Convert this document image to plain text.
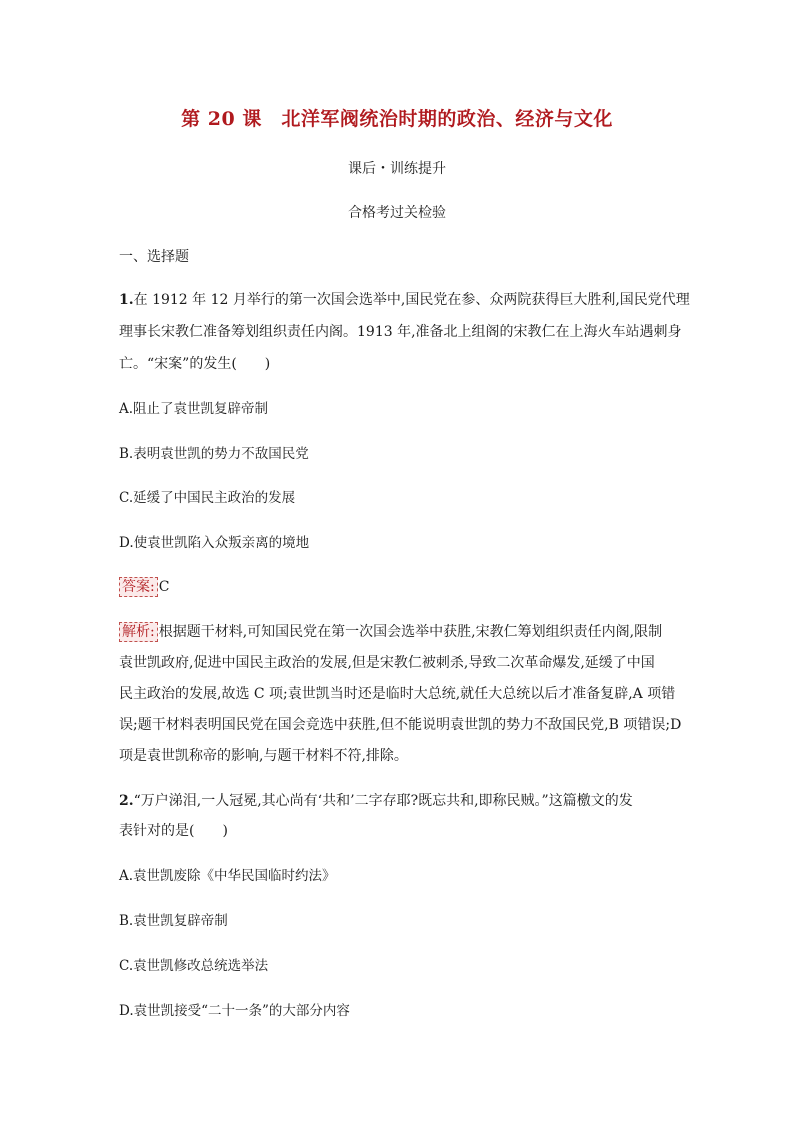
第 20 课　北洋军阀统治时期的政治、经济与文化
课后・训练提升
合格考过关检验
一、选择题
1.在 1912 年 12 月举行的第一次国会选举中,国民党在参、众两院获得巨大胜利,国民党代理
理事长宋教仁准备筹划组织责任内阁。1913 年,准备北上组阁的宋教仁在上海火车站遇刺身
亡。“宋案”的发生(　　)
A.阻止了袁世凯复辟帝制
B.表明袁世凯的势力不敌国民党
C.延缓了中国民主政治的发展
D.使袁世凯陷入众叛亲离的境地
答案: C
解析: 根据题干材料,可知国民党在第一次国会选举中获胜,宋教仁筹划组织责任内阁,限制
袁世凯政府,促进中国民主政治的发展,但是宋教仁被刺杀,导致二次革命爆发,延缓了中国
民主政治的发展,故选 C 项;袁世凯当时还是临时大总统,就任大总统以后才准备复辟,A 项错
误;题干材料表明国民党在国会竞选中获胜,但不能说明袁世凯的势力不敌国民党,B 项错误;D
项是袁世凯称帝的影响,与题干材料不符,排除。
2.“万户涕泪,一人冠冕,其心尚有‘共和’二字存耶?既忘共和,即称民贼。”这篇檄文的发
表针对的是(　　)
A.袁世凯废除《中华民国临时约法》
B.袁世凯复辟帝制
C.袁世凯修改总统选举法
D.袁世凯接受“二十一条”的大部分内容
